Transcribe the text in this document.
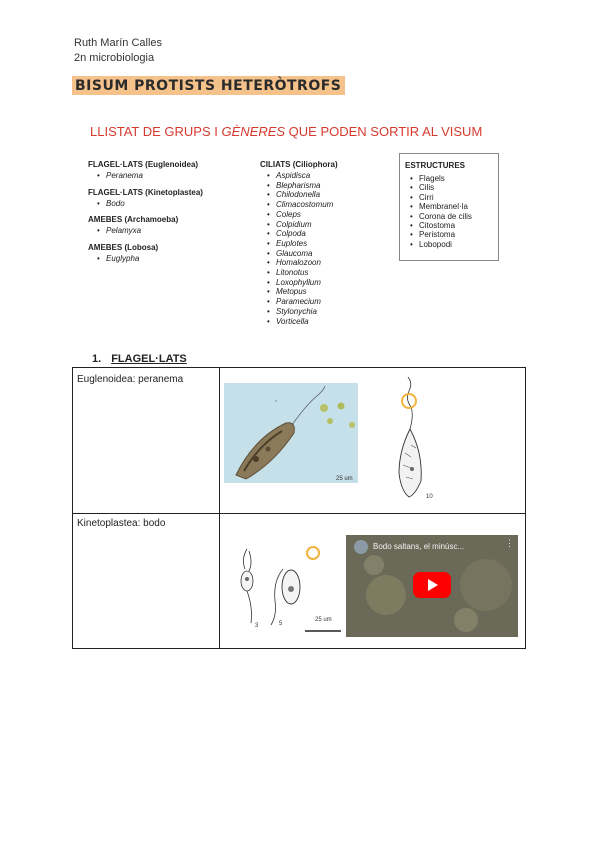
Ruth Marín Calles
2n microbiologia
BISUM PROTISTS HETERÒTROFS
LLISTAT DE GRUPS I GÈNERES QUE PODEN SORTIR AL VISUM
FLAGEL·LATS (Euglenoidea)
• Peranema
FLAGEL·LATS (Kinetoplastea)
• Bodo
AMEBES (Archamoeba)
• Pelamyxa
AMEBES (Lobosa)
• Euglypha
CILIATS (Ciliophora)
• Aspidisca
• Blepharisma
• Chilodonella
• Climacostomum
• Coleps
• Colpidium
• Colpoda
• Euplotes
• Glaucoma
• Homalozoon
• Litonotus
• Loxophyllum
• Metopus
• Paramecium
• Stylonychia
• Vorticella
ESTRUCTURES
• Flagels
• Cilis
• Cirri
• Membranel·la
• Corona de cilis
• Citostoma
• Peristoma
• Lobopodi
1. FLAGEL·LATS
Euglenoidea: peranema
Kinetoplastea: bodo
25 um
10
3	5
25 um
Bodo saltans, el minúsc...	⋮
